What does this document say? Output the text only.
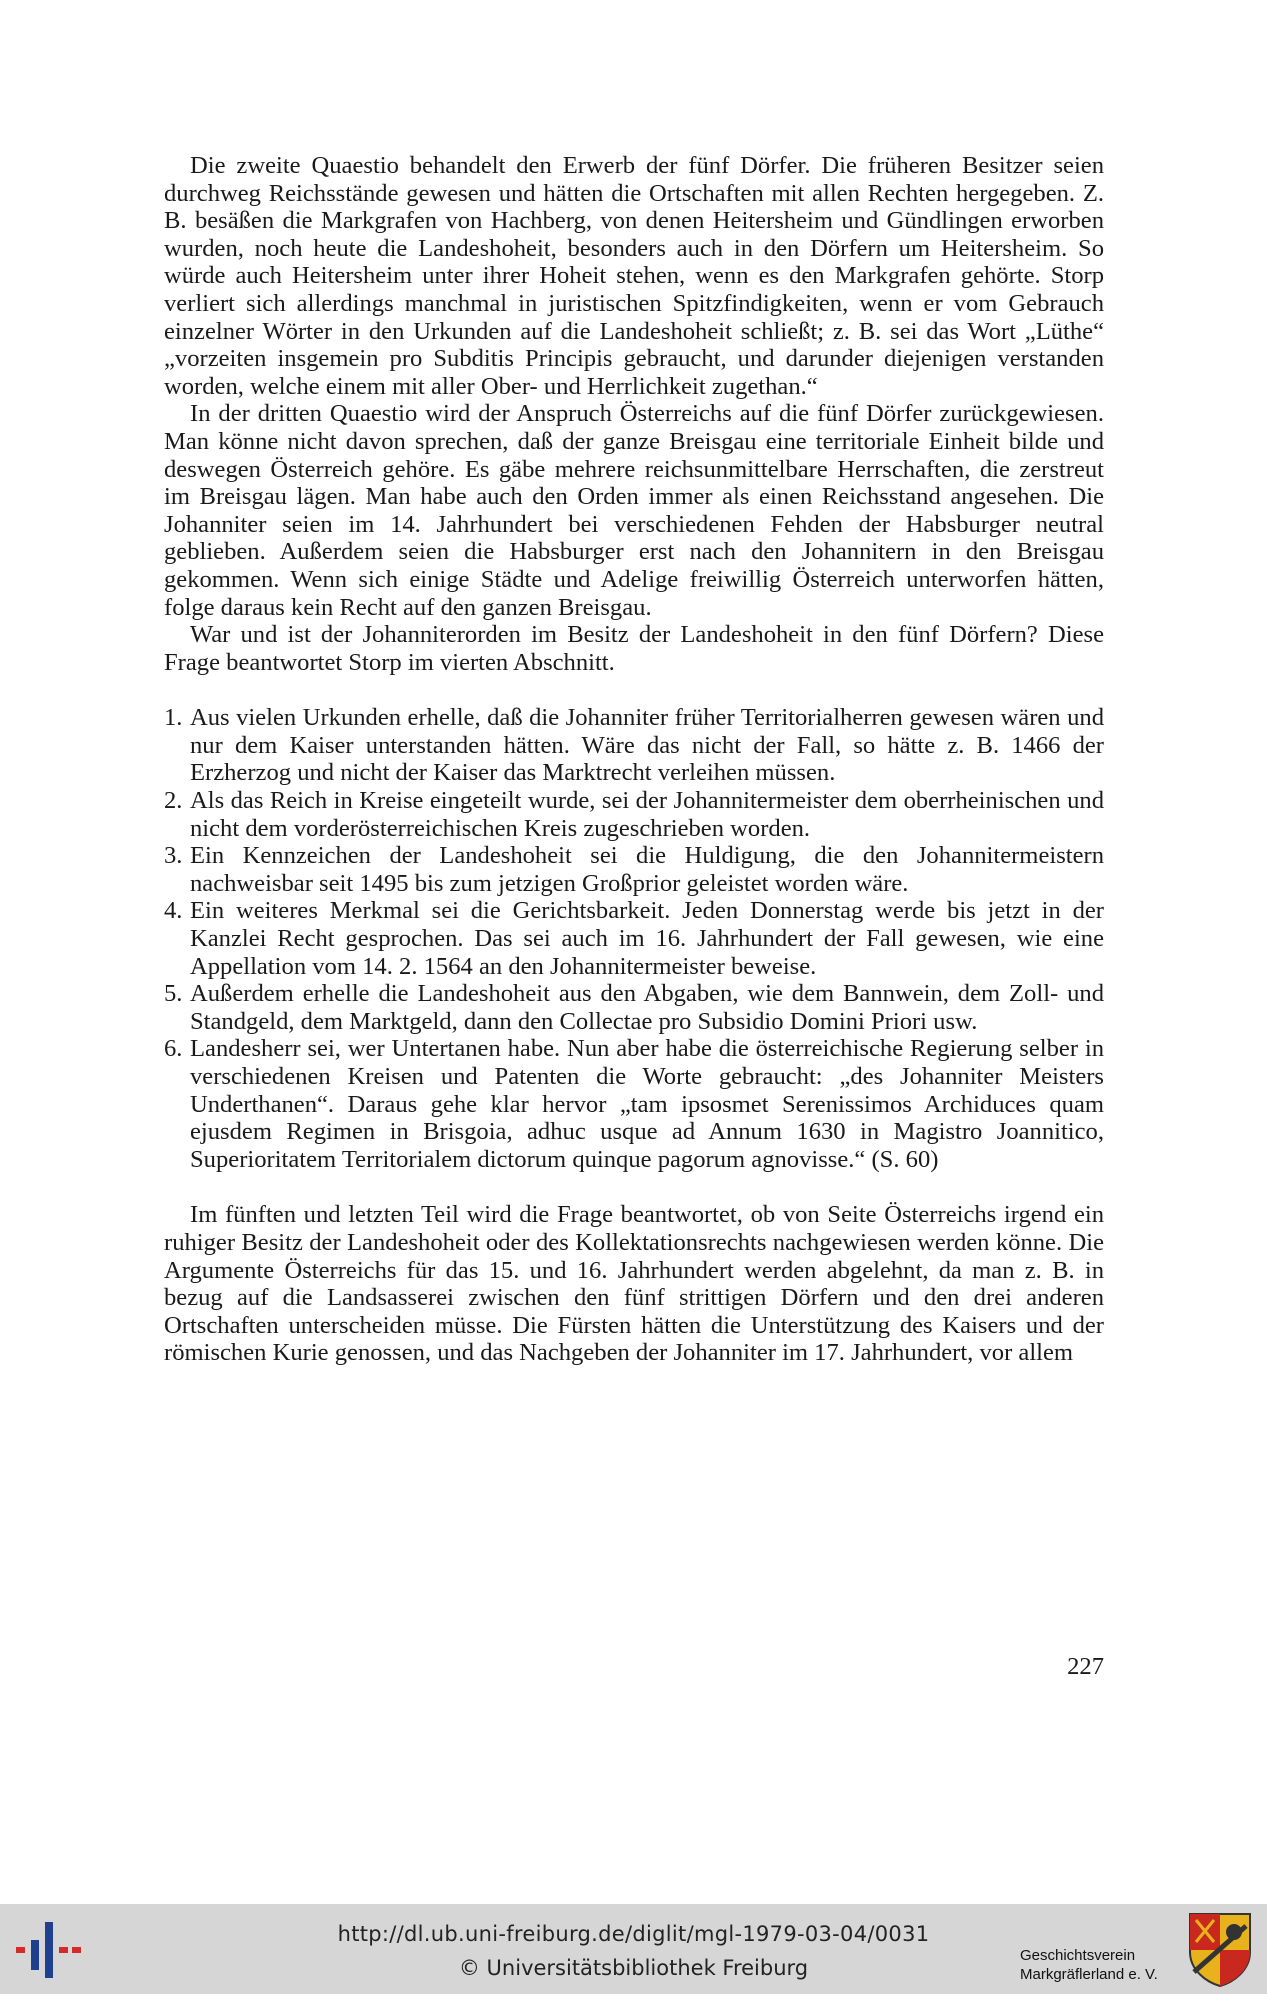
Die zweite Quaestio behandelt den Erwerb der fünf Dörfer. Die früheren Besitzer seien durchweg Reichsstände gewesen und hätten die Ortschaften mit allen Rechten hergegeben. Z. B. besäßen die Markgrafen von Hachberg, von denen Heitersheim und Gündlingen erworben wurden, noch heute die Landeshoheit, besonders auch in den Dörfern um Heitersheim. So würde auch Heitersheim unter ihrer Hoheit stehen, wenn es den Markgrafen gehörte. Storp verliert sich allerdings manchmal in juristischen Spitzfindigkeiten, wenn er vom Gebrauch einzelner Wörter in den Urkunden auf die Landeshoheit schließt; z. B. sei das Wort „Lüthe“ „vorzeiten insgemein pro Subditis Principis gebraucht, und darunder diejenigen verstanden worden, welche einem mit aller Ober- und Herrlichkeit zugethan.“

In der dritten Quaestio wird der Anspruch Österreichs auf die fünf Dörfer zurückgewiesen. Man könne nicht davon sprechen, daß der ganze Breisgau eine territoriale Einheit bilde und deswegen Österreich gehöre. Es gäbe mehrere reichsunmittelbare Herrschaften, die zerstreut im Breisgau lägen. Man habe auch den Orden immer als einen Reichsstand angesehen. Die Johanniter seien im 14. Jahrhundert bei verschiedenen Fehden der Habsburger neutral geblieben. Außerdem seien die Habsburger erst nach den Johannitern in den Breisgau gekommen. Wenn sich einige Städte und Adelige freiwillig Österreich unterworfen hätten, folge daraus kein Recht auf den ganzen Breisgau.

War und ist der Johanniterorden im Besitz der Landeshoheit in den fünf Dörfern? Diese Frage beantwortet Storp im vierten Abschnitt.

1. Aus vielen Urkunden erhelle, daß die Johanniter früher Territorialherren gewesen wären und nur dem Kaiser unterstanden hätten. Wäre das nicht der Fall, so hätte z. B. 1466 der Erzherzog und nicht der Kaiser das Marktrecht verleihen müssen.
2. Als das Reich in Kreise eingeteilt wurde, sei der Johannitermeister dem oberrheinischen und nicht dem vorderösterreichischen Kreis zugeschrieben worden.
3. Ein Kennzeichen der Landeshoheit sei die Huldigung, die den Johannitermeistern nachweisbar seit 1495 bis zum jetzigen Großprior geleistet worden wäre.
4. Ein weiteres Merkmal sei die Gerichtsbarkeit. Jeden Donnerstag werde bis jetzt in der Kanzlei Recht gesprochen. Das sei auch im 16. Jahrhundert der Fall gewesen, wie eine Appellation vom 14. 2. 1564 an den Johannitermeister beweise.
5. Außerdem erhelle die Landeshoheit aus den Abgaben, wie dem Bannwein, dem Zoll- und Standgeld, dem Marktgeld, dann den Collectae pro Subsidio Domini Priori usw.
6. Landesherr sei, wer Untertanen habe. Nun aber habe die österreichische Regierung selber in verschiedenen Kreisen und Patenten die Worte gebraucht: „des Johanniter Meisters Underthanen“. Daraus gehe klar hervor „tam ipsosmet Serenissimos Archiduces quam ejusdem Regimen in Brisgoia, adhuc usque ad Annum 1630 in Magistro Joannitico, Superioritatem Territorialem dictorum quinque pagorum agnovisse.“ (S. 60)

Im fünften und letzten Teil wird die Frage beantwortet, ob von Seite Österreichs irgend ein ruhiger Besitz der Landeshoheit oder des Kollektationsrechts nachgewiesen werden könne. Die Argumente Österreichs für das 15. und 16. Jahrhundert werden abgelehnt, da man z. B. in bezug auf die Landsasserei zwischen den fünf strittigen Dörfern und den drei anderen Ortschaften unterscheiden müsse. Die Fürsten hätten die Unterstützung des Kaisers und der römischen Kurie genossen, und das Nachgeben der Johanniter im 17. Jahrhundert, vor allem

227
http://dl.ub.uni-freiburg.de/diglit/mgl-1979-03-04/0031
© Universitätsbibliothek Freiburg
Geschichtsverein
Markgräflerland e. V.
